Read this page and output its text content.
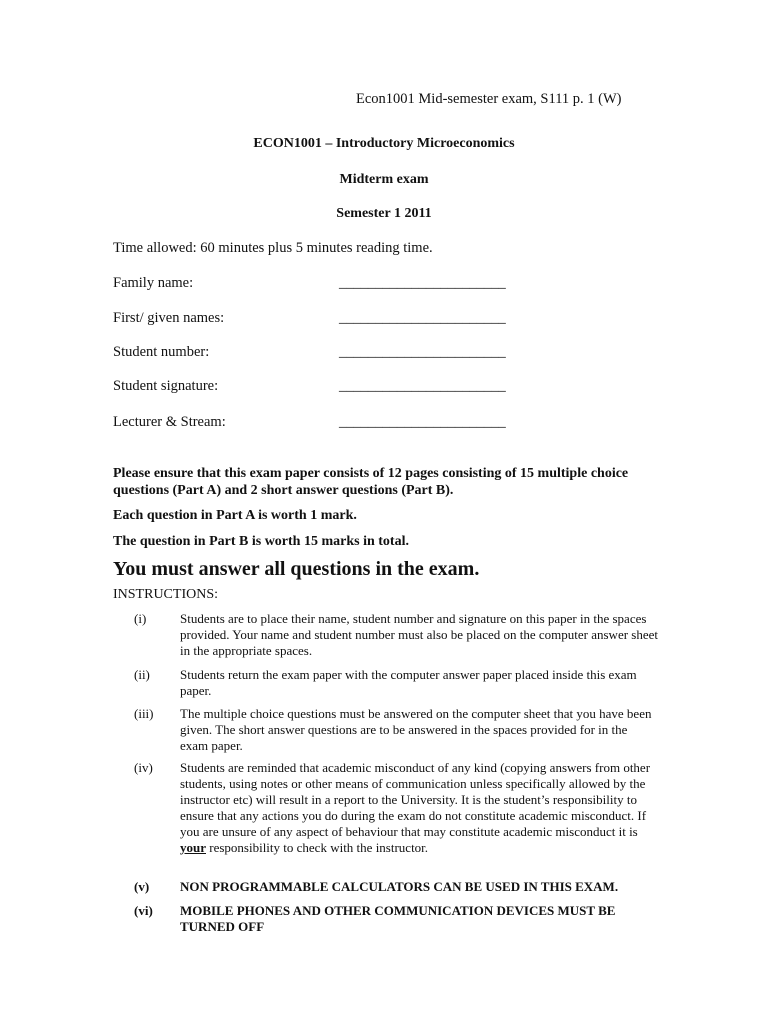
Econ1001 Mid-semester exam, S111 p. 1 (W)
ECON1001 – Introductory Microeconomics
Midterm exam
Semester 1 2011
Time allowed: 60 minutes plus 5 minutes reading time.
Family name:	_______________________
First/ given names:	_______________________
Student number:	_______________________
Student signature:	_______________________
Lecturer & Stream:	_______________________
Please ensure that this exam paper consists of 12 pages consisting of 15 multiple choice questions (Part A) and 2 short answer questions (Part B).
Each question in Part A is worth 1 mark.
The question in Part B is worth 15 marks in total.
You must answer all questions in the exam.
INSTRUCTIONS:
(i)	Students are to place their name, student number and signature on this paper in the spaces provided. Your name and student number must also be placed on the computer answer sheet in the appropriate spaces.
(ii) Students return the exam paper with the computer answer paper placed inside this exam paper.
(iii) The multiple choice questions must be answered on the computer sheet that you have been given. The short answer questions are to be answered in the spaces provided for in the exam paper.
(iv) Students are reminded that academic misconduct of any kind (copying answers from other students, using notes or other means of communication unless specifically allowed by the instructor etc) will result in a report to the University. It is the student’s responsibility to ensure that any actions you do during the exam do not constitute academic misconduct. If you are unsure of any aspect of behaviour that may constitute academic misconduct it is your responsibility to check with the instructor.
(v) NON PROGRAMMABLE CALCULATORS CAN BE USED IN THIS EXAM.
(vi) MOBILE PHONES AND OTHER COMMUNICATION DEVICES MUST BE TURNED OFF
